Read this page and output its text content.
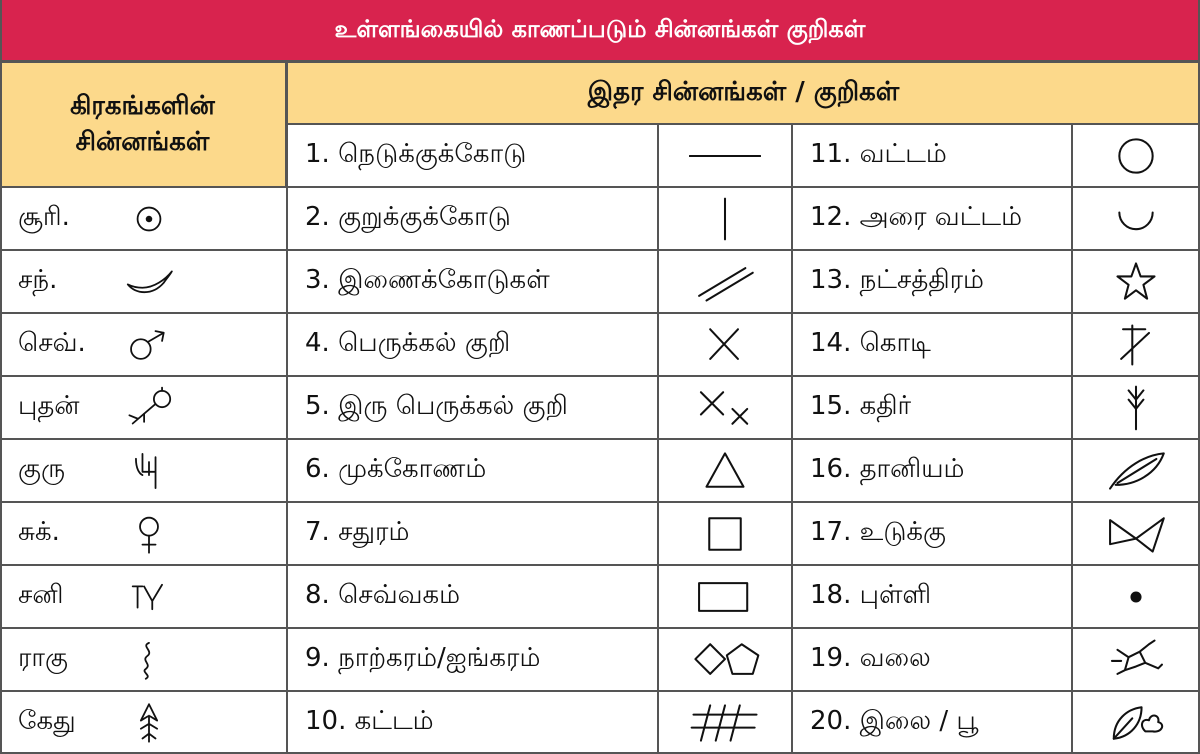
உள்ளங்கையில் காணப்படும் சின்னங்கள் குறிகள்
கிரகங்களின்
சின்னங்கள்
இதர சின்னங்கள் / குறிகள்
சூரி.
சந்.
செவ்.
புதன்
குரு
சுக்.
சனி
ராகு
கேது
1. நெடுக்குக்கோடு
2. குறுக்குக்கோடு
3. இணைக்கோடுகள்
4. பெருக்கல் குறி
5. இரு பெருக்கல் குறி
6. முக்கோணம்
7. சதுரம்
8. செவ்வகம்
9. நாற்கரம்/ஐங்கரம்
10. கட்டம்
11. வட்டம்
12. அரை வட்டம்
13. நட்சத்திரம்
14. கொடி
15. கதிர்
16. தானியம்
17. உடுக்கு
18. புள்ளி
19. வலை
20. இலை / பூ
